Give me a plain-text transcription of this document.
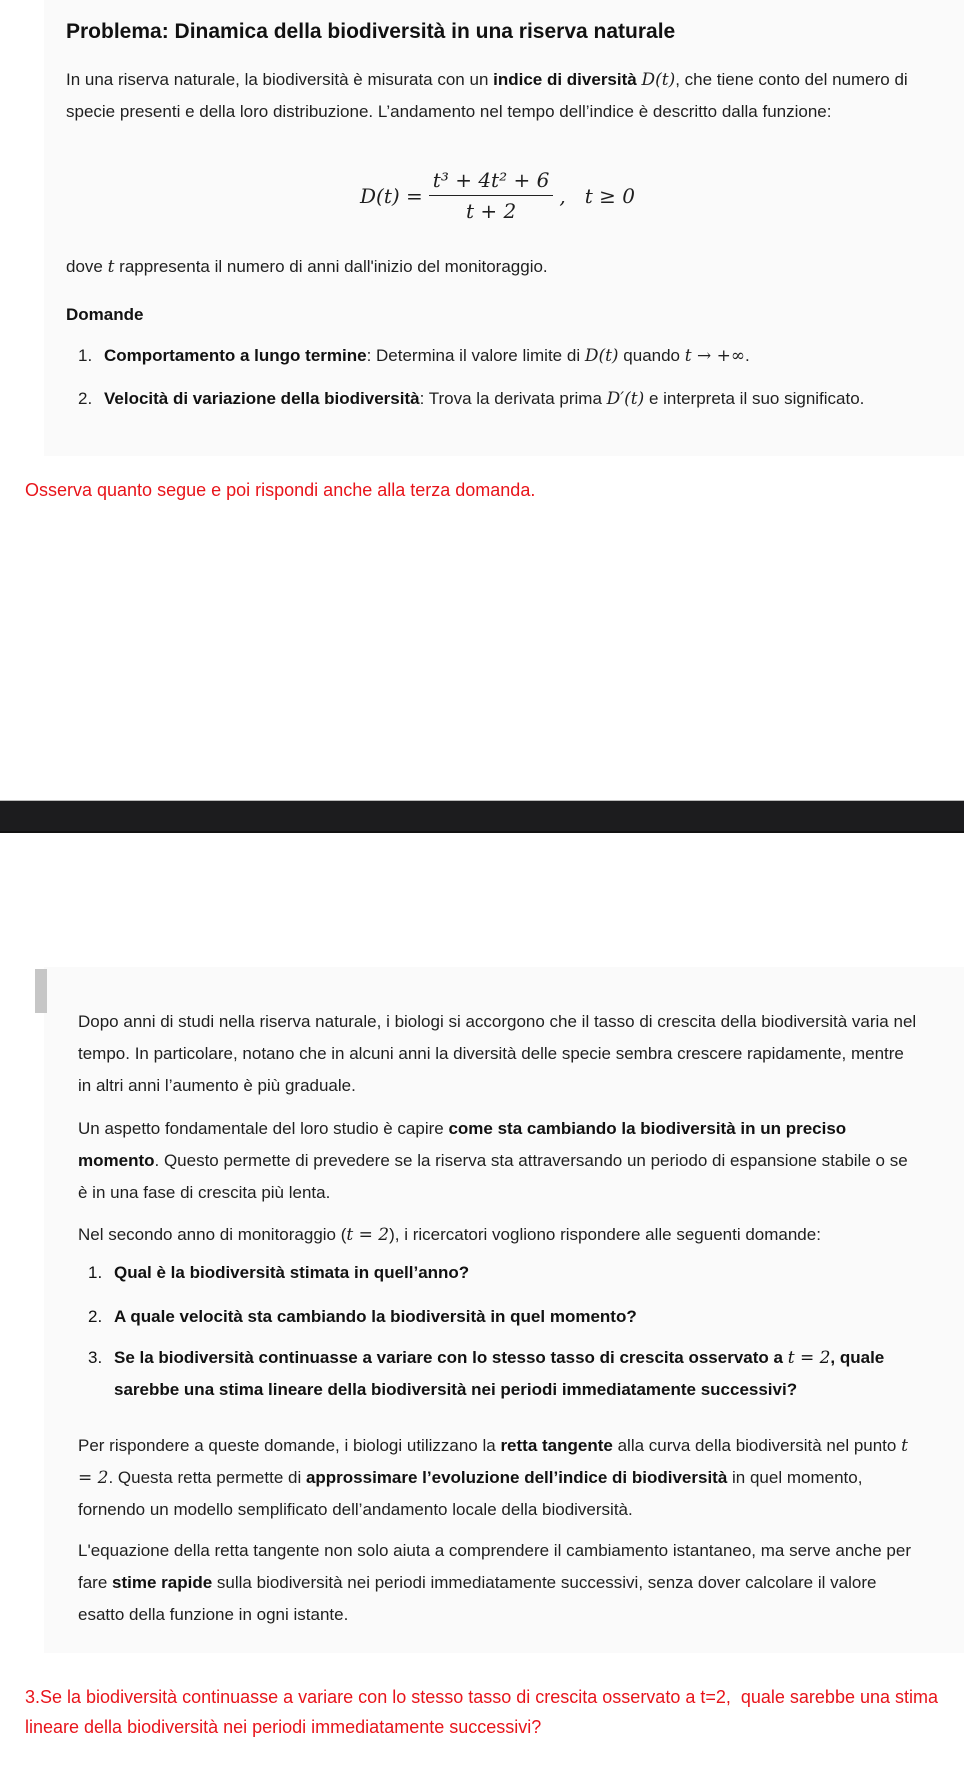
Problema: Dinamica della biodiversità in una riserva naturale
In una riserva naturale, la biodiversità è misurata con un indice di diversità D(t), che tiene conto del numero di specie presenti e della loro distribuzione. L’andamento nel tempo dell’indice è descritto dalla funzione:
$D(t) = \frac{\text{t³ + 4t² + 6}}{t + 2}$ ,   t ≥ 0
dove t rappresenta il numero di anni dall'inizio del monitoraggio.
Domande
1. Comportamento a lungo termine: Determina il valore limite di D(t) quando t → +∞.
2. Velocità di variazione della biodiversità: Trova la derivata prima D′(t) e interpreta il suo significato.
Osserva quanto segue e poi rispondi anche alla terza domanda.
Dopo anni di studi nella riserva naturale, i biologi si accorgono che il tasso di crescita della biodiversità varia nel tempo. In particolare, notano che in alcuni anni la diversità delle specie sembra crescere rapidamente, mentre in altri anni l’aumento è più graduale.
Un aspetto fondamentale del loro studio è capire come sta cambiando la biodiversità in un preciso momento. Questo permette di prevedere se la riserva sta attraversando un periodo di espansione stabile o se è in una fase di crescita più lenta.
Nel secondo anno di monitoraggio (t = 2), i ricercatori vogliono rispondere alle seguenti domande:
1. Qual è la biodiversità stimata in quell’anno?
2. A quale velocità sta cambiando la biodiversità in quel momento?
3. Se la biodiversità continuasse a variare con lo stesso tasso di crescita osservato a t = 2, quale sarebbe una stima lineare della biodiversità nei periodi immediatamente successivi?
Per rispondere a queste domande, i biologi utilizzano la retta tangente alla curva della biodiversità nel punto t = 2. Questa retta permette di approssimare l’evoluzione dell’indice di biodiversità in quel momento, fornendo un modello semplificato dell’andamento locale della biodiversità.
L'equazione della retta tangente non solo aiuta a comprendere il cambiamento istantaneo, ma serve anche per fare stime rapide sulla biodiversità nei periodi immediatamente successivi, senza dover calcolare il valore esatto della funzione in ogni istante.
3.Se la biodiversità continuasse a variare con lo stesso tasso di crescita osservato a t=2,  quale sarebbe una stima lineare della biodiversità nei periodi immediatamente successivi?
